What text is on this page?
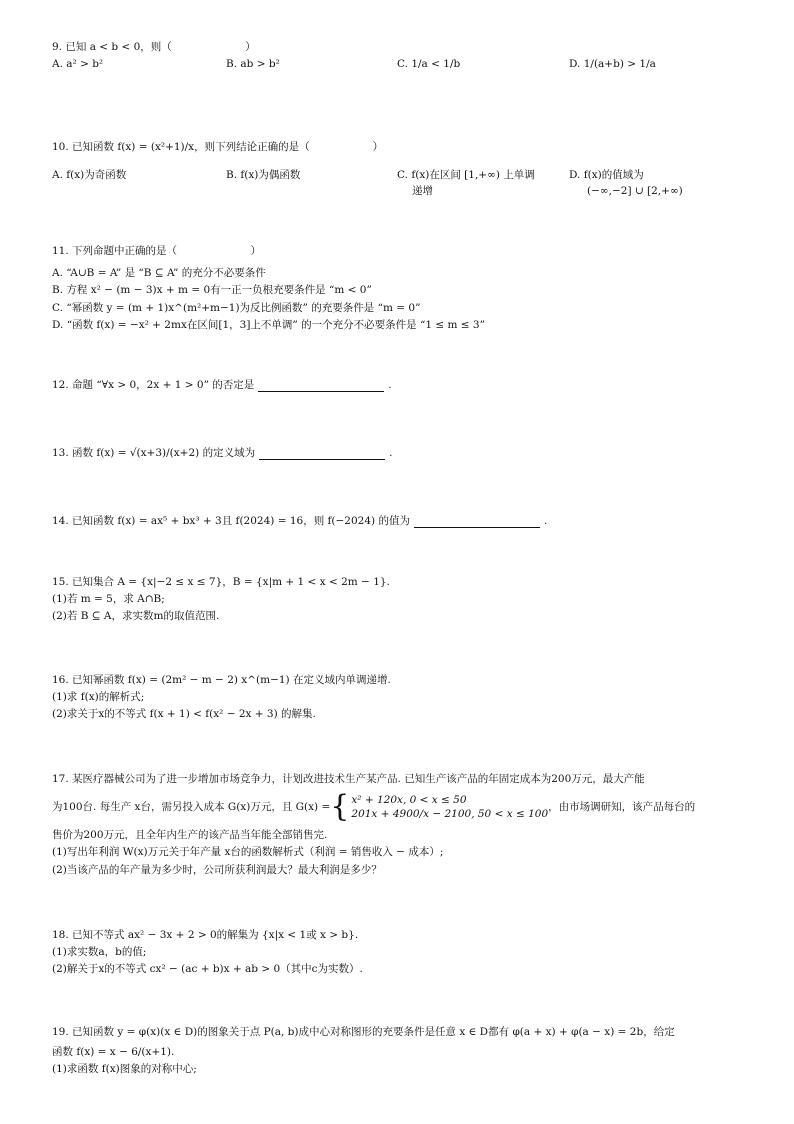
9. 已知 a < b < 0，则（　　　　　　　）
A. a² > b²	B. ab > b²	C. 1/a < 1/b	D. 1/(a+b) > 1/a
10. 已知函数 f(x) = (x²+1)/x，则下列结论正确的是（　　　　　　）
A. f(x)为奇函数	B. f(x)为偶函数	C. f(x)在区间 [1,+∞) 上单调
递增
D. f(x)的值域为
(−∞,−2] ∪ [2,+∞)
11. 下列命题中正确的是（　　　　　　　）
A. “A∪B = A” 是 “B ⊆ A” 的充分不必要条件
B. 方程 x² − (m − 3)x + m = 0有一正一负根充要条件是 “m < 0”
C. “幂函数 y = (m + 1)x^(m²+m−1)为反比例函数” 的充要条件是 “m = 0”
D. “函数 f(x) = −x² + 2mx在区间[1，3]上不单调” 的一个充分不必要条件是 “1 ≤ m ≤ 3”
12. 命题 “∀x > 0，2x + 1 > 0” 的否定是	.
13. 函数 f(x) = √(x+3)/(x+2) 的定义域为	.
14. 已知函数 f(x) = ax⁵ + bx³ + 3且 f(2024) = 16，则 f(−2024) 的值为	.
15. 已知集合 A = {x|−2 ≤ x ≤ 7}，B = {x|m + 1 < x < 2m − 1}.
(1)若 m = 5，求 A∩B;
(2)若 B ⊆ A，求实数m的取值范围.
16. 已知幂函数 f(x) = (2m² − m − 2) x^(m−1) 在定义域内单调递增.
(1)求 f(x)的解析式;
(2)求关于x的不等式 f(x + 1) < f(x² − 2x + 3) 的解集.
17. 某医疗器械公司为了进一步增加市场竞争力，计划改进技术生产某产品. 已知生产该产品的年固定成本为200万元，最大产能
为100台. 每生产 x台，需另投入成本 G(x)万元，且 G(x) = { x² + 120x, 0 < x ≤ 50
201x + 4900/x − 2100, 50 < x ≤ 100
，由市场调研知，该产品每台的
售价为200万元，且全年内生产的该产品当年能全部销售完.
(1)写出年利润 W(x)万元关于年产量 x台的函数解析式（利润 = 销售收入 − 成本）;
(2)当该产品的年产量为多少时，公司所获利润最大？最大利润是多少？
18. 已知不等式 ax² − 3x + 2 > 0的解集为 {x|x < 1或 x > b}.
(1)求实数a，b的值;
(2)解关于x的不等式 cx² − (ac + b)x + ab > 0（其中c为实数）.
19. 已知函数 y = φ(x)(x ∈ D)的图象关于点 P(a, b)成中心对称图形的充要条件是任意 x ∈ D都有 φ(a + x) + φ(a − x) = 2b，给定
函数 f(x) = x − 6/(x+1).
(1)求函数 f(x)图象的对称中心;
